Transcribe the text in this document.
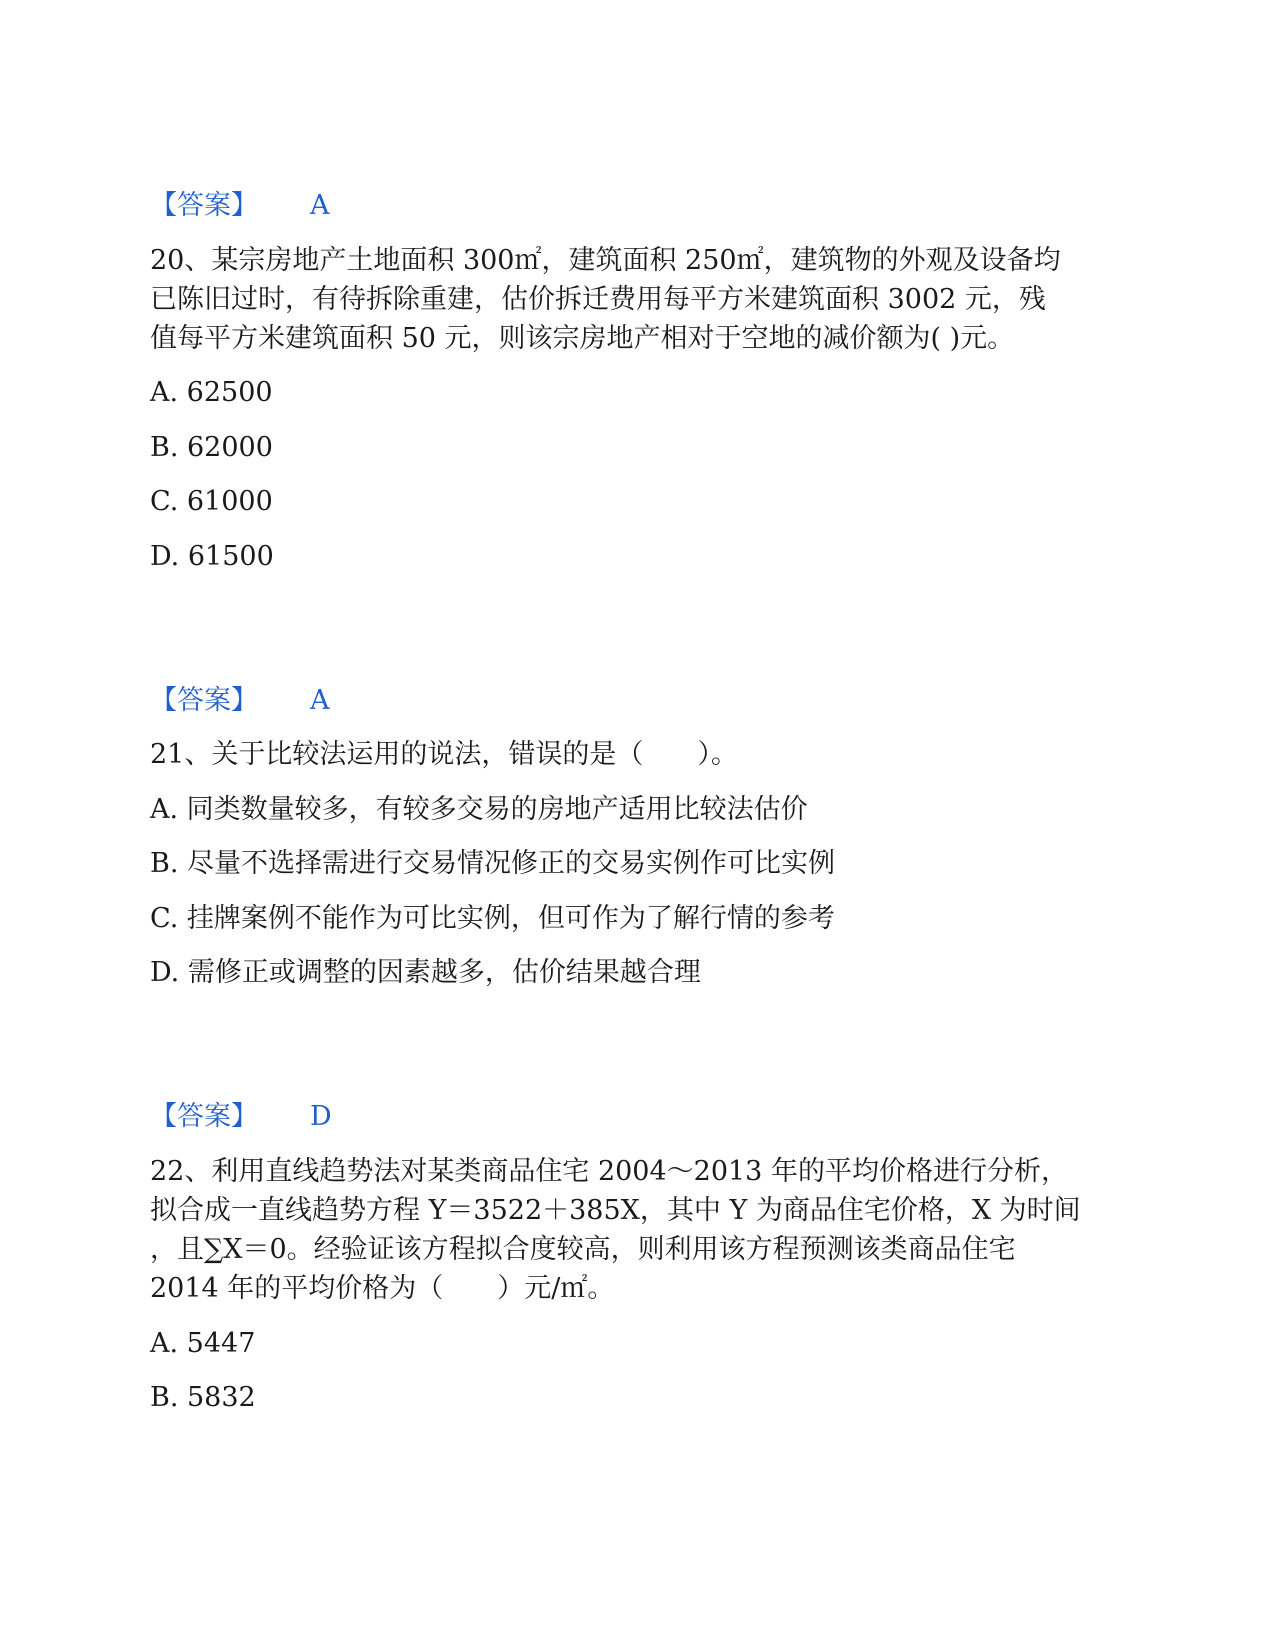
【答案】 A
20、某宗房地产土地面积 300㎡，建筑面积 250㎡，建筑物的外观及设备均
已陈旧过时，有待拆除重建，估价拆迁费用每平方米建筑面积 3002 元，残
值每平方米建筑面积 50 元，则该宗房地产相对于空地的减价额为( )元。
A. 62500
B. 62000
C. 61000
D. 61500
【答案】 A
21、关于比较法运用的说法，错误的是（　　）。
A. 同类数量较多，有较多交易的房地产适用比较法估价
B. 尽量不选择需进行交易情况修正的交易实例作可比实例
C. 挂牌案例不能作为可比实例，但可作为了解行情的参考
D. 需修正或调整的因素越多，估价结果越合理
【答案】 D
22、利用直线趋势法对某类商品住宅 2004～2013 年的平均价格进行分析，
拟合成一直线趋势方程 Y＝3522＋385X，其中 Y 为商品住宅价格，X 为时间
，且∑X＝0。经验证该方程拟合度较高，则利用该方程预测该类商品住宅
2014 年的平均价格为（　　）元/㎡。
A. 5447
B. 5832
